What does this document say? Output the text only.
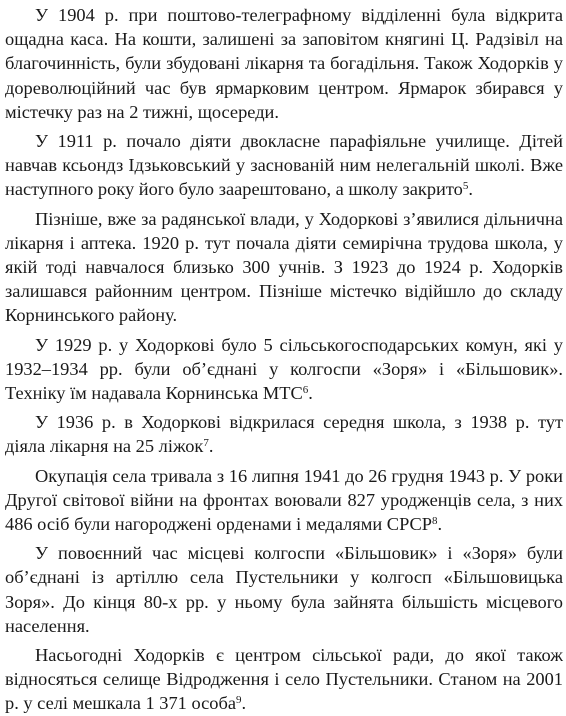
У 1904 р. при поштово-телеграфному відділенні була відкрита ощадна каса. На кошти, залишені за заповітом княгині Ц. Радзівіл на благочинність, були збудовані лікарня та богадільня. Також Ходорків у дореволюційний час був ярмарковим центром. Ярмарок збирався у містечку раз на 2 тижні, щосереди.

У 1911 р. почало діяти двокласне парафіяльне училище. Дітей навчав ксьондз Ідзьковський у заснованій ним нелегальній школі. Вже наступного року його було заарештовано, а школу закрито$^5$.

Пізніше, вже за радянської влади, у Ходоркові з’явилися дільнична лікарня і аптека. 1920 р. тут почала діяти семирічна трудова школа, у якій тоді навчалося близько 300 учнів. З 1923 до 1924 р. Ходорків залишався районним центром. Пізніше містечко відійшло до складу Корнинського району.

У 1929 р. у Ходоркові було 5 сільськогосподарських комун, які у 1932–1934 рр. були об’єднані у колгоспи «Зоря» і «Більшовик». Техніку їм надавала Корнинська МТС$^6$.

У 1936 р. в Ходоркові відкрилася середня школа, з 1938 р. тут діяла лікарня на 25 ліжок$^7$.

Окупація села тривала з 16 липня 1941 до 26 грудня 1943 р. У роки Другої світової війни на фронтах воювали 827 уродженців села, з них 486 осіб були нагороджені орденами і медалями СРСР$^8$.

У повоєнний час місцеві колгоспи «Більшовик» і «Зоря» були об’єднані із артіллю села Пустельники у колгосп «Більшовицька Зоря». До кінця 80-х рр. у ньому була зайнята більшість місцевого населення.

Насьогодні Ходорків є центром сільської ради, до якої також відносяться селище Відродження і село Пустельники. Станом на 2001 р. у селі мешкала 1 371 особа$^9$.
